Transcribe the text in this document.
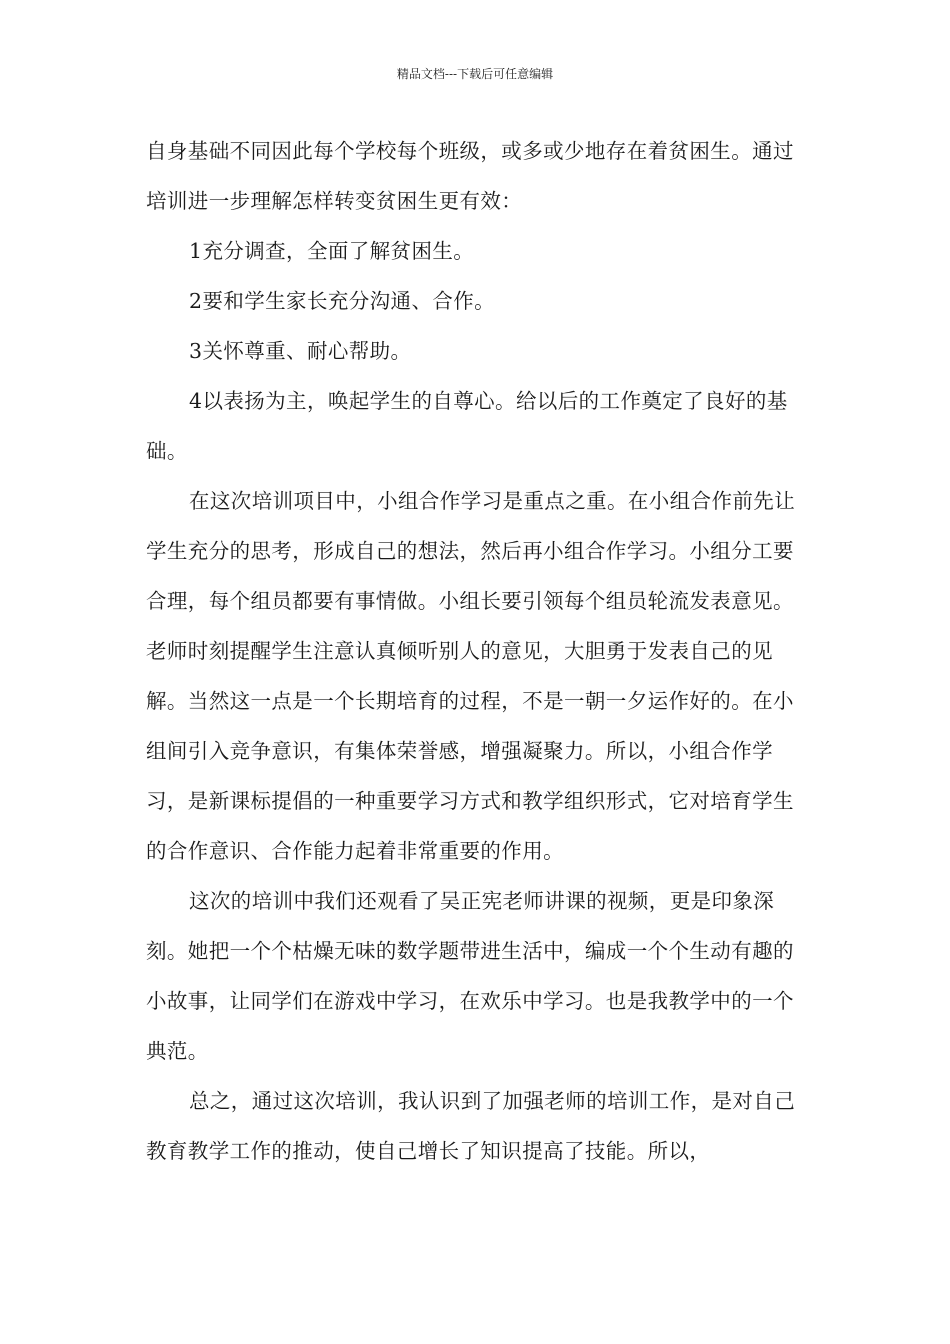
精品文档---下载后可任意编辑

自身基础不同因此每个学校每个班级，或多或少地存在着贫困生。通过培训进一步理解怎样转变贫困生更有效：

1充分调查，全面了解贫困生。

2要和学生家长充分沟通、合作。

3关怀尊重、耐心帮助。

4以表扬为主，唤起学生的自尊心。给以后的工作奠定了良好的基础。

在这次培训项目中，小组合作学习是重点之重。在小组合作前先让学生充分的思考，形成自己的想法，然后再小组合作学习。小组分工要合理，每个组员都要有事情做。小组长要引领每个组员轮流发表意见。老师时刻提醒学生注意认真倾听别人的意见，大胆勇于发表自己的见解。当然这一点是一个长期培育的过程，不是一朝一夕运作好的。在小组间引入竞争意识，有集体荣誉感，增强凝聚力。所以，小组合作学习，是新课标提倡的一种重要学习方式和教学组织形式，它对培育学生的合作意识、合作能力起着非常重要的作用。

这次的培训中我们还观看了吴正宪老师讲课的视频，更是印象深刻。她把一个个枯燥无味的数学题带进生活中，编成一个个生动有趣的小故事，让同学们在游戏中学习，在欢乐中学习。也是我教学中的一个典范。

总之，通过这次培训，我认识到了加强老师的培训工作，是对自己教育教学工作的推动，使自己增长了知识提高了技能。所以，
